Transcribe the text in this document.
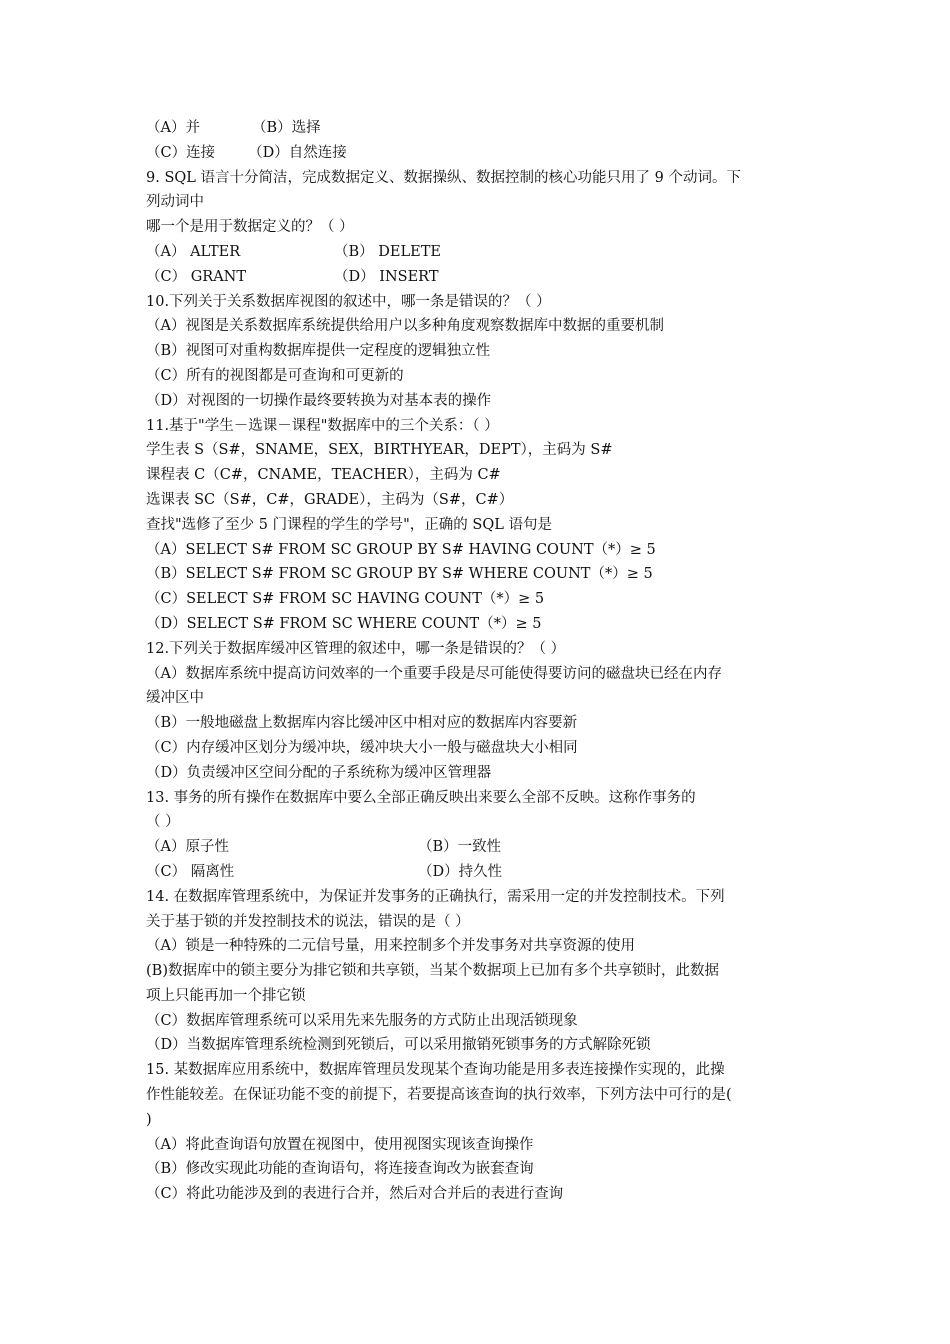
（A）并	（B）选择
（C）连接 （D）自然连接
9. SQL 语言十分简洁，完成数据定义、数据操纵、数据控制的核心功能只用了 9 个动词。下
列动词中
哪一个是用于数据定义的？（ ）
（A） ALTER	（B） DELETE
（C） GRANT	（D） INSERT
10.下列关于关系数据库视图的叙述中，哪一条是错误的？（ ）
（A）视图是关系数据库系统提供给用户以多种角度观察数据库中数据的重要机制
（B）视图可对重构数据库提供一定程度的逻辑独立性
（C）所有的视图都是可查询和可更新的
（D）对视图的一切操作最终要转换为对基本表的操作
11.基于"学生－选课－课程"数据库中的三个关系：（ ）
学生表 S（S#，SNAME，SEX，BIRTHYEAR，DEPT），主码为 S#
课程表 C（C#，CNAME，TEACHER），主码为 C#
选课表 SC（S#，C#，GRADE），主码为（S#，C#）
查找"选修了至少 5 门课程的学生的学号"，正确的 SQL 语句是
（A）SELECT S# FROM SC GROUP BY S# HAVING COUNT（*）≥ 5
（B）SELECT S# FROM SC GROUP BY S# WHERE COUNT（*）≥ 5
（C）SELECT S# FROM SC HAVING COUNT（*）≥ 5
（D）SELECT S# FROM SC WHERE COUNT（*）≥ 5
12.下列关于数据库缓冲区管理的叙述中，哪一条是错误的？（ ）
（A）数据库系统中提高访问效率的一个重要手段是尽可能使得要访问的磁盘块已经在内存
缓冲区中
（B）一般地磁盘上数据库内容比缓冲区中相对应的数据库内容要新
（C）内存缓冲区划分为缓冲块，缓冲块大小一般与磁盘块大小相同
（D）负责缓冲区空间分配的子系统称为缓冲区管理器
13. 事务的所有操作在数据库中要么全部正确反映出来要么全部不反映。这称作事务的
（ ）
（A）原子性	（B）一致性
（C） 隔离性	（D）持久性
14. 在数据库管理系统中，为保证并发事务的正确执行，需采用一定的并发控制技术。下列
关于基于锁的并发控制技术的说法，错误的是（ ）
（A）锁是一种特殊的二元信号量，用来控制多个并发事务对共享资源的使用
(B)数据库中的锁主要分为排它锁和共享锁，当某个数据项上已加有多个共享锁时，此数据
项上只能再加一个排它锁
（C）数据库管理系统可以采用先来先服务的方式防止出现活锁现象
（D）当数据库管理系统检测到死锁后，可以采用撤销死锁事务的方式解除死锁
15. 某数据库应用系统中，数据库管理员发现某个查询功能是用多表连接操作实现的，此操
作性能较差。在保证功能不变的前提下，若要提高该查询的执行效率，下列方法中可行的是(
)
（A）将此查询语句放置在视图中，使用视图实现该查询操作
（B）修改实现此功能的查询语句，将连接查询改为嵌套查询
（C）将此功能涉及到的表进行合并，然后对合并后的表进行查询
